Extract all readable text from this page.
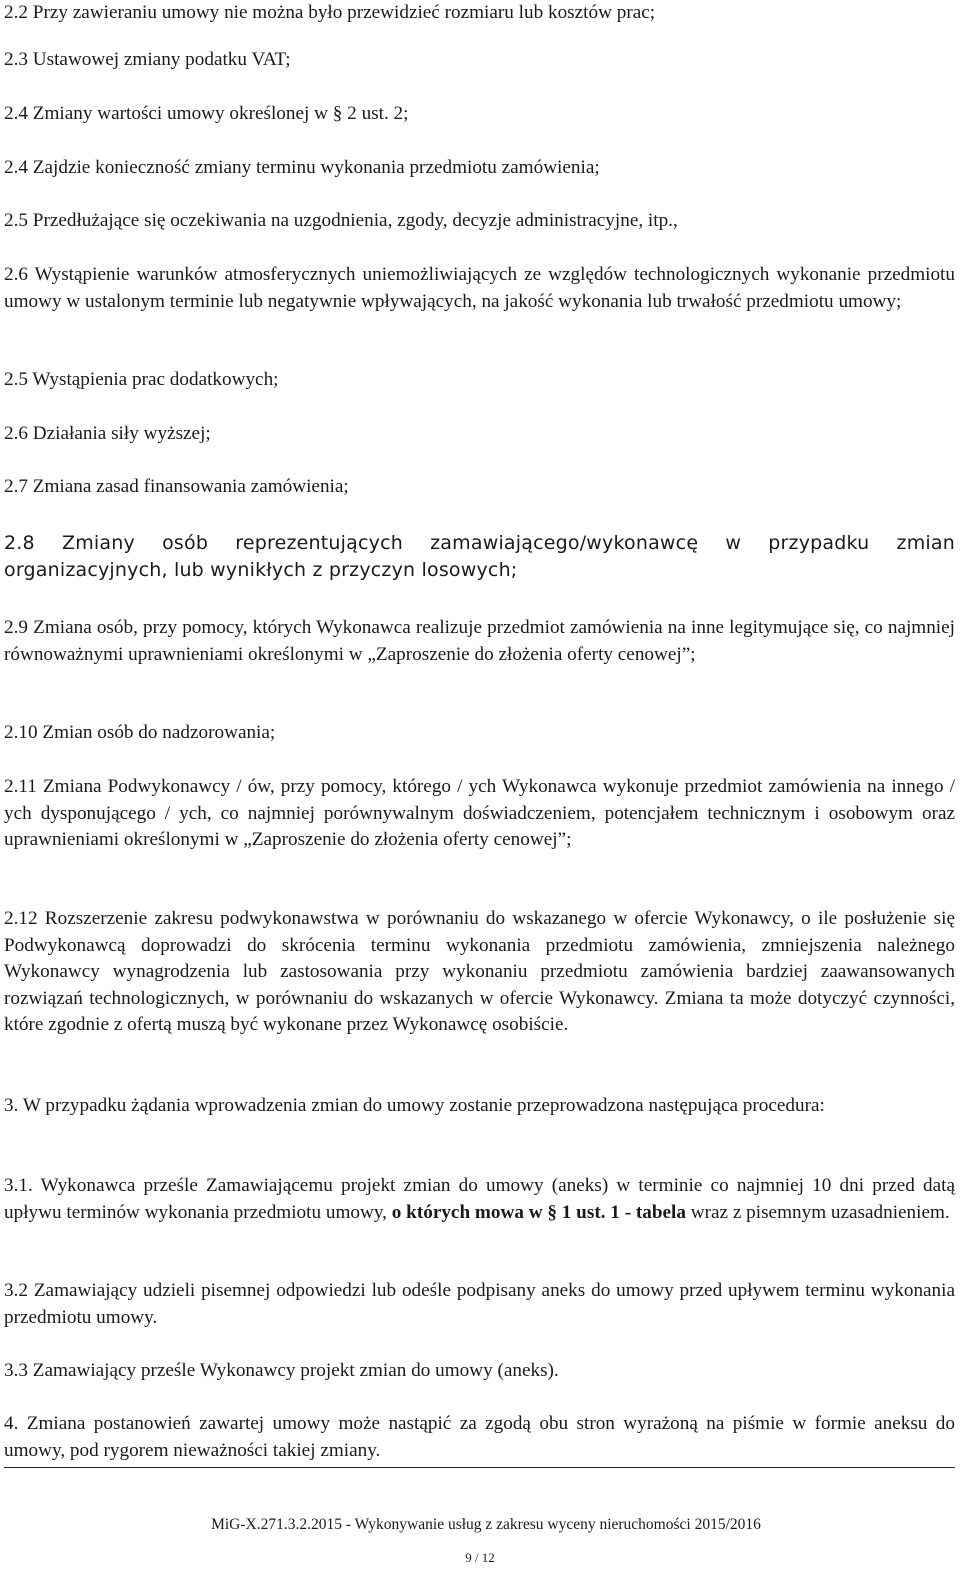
2.2 Przy zawieraniu umowy nie można było przewidzieć rozmiaru lub kosztów prac;

2.3 Ustawowej zmiany podatku VAT;

2.4 Zmiany wartości umowy określonej w § 2 ust. 2;

2.4 Zajdzie konieczność zmiany terminu wykonania przedmiotu zamówienia;

2.5 Przedłużające się oczekiwania na uzgodnienia, zgody, decyzje administracyjne, itp.,

2.6 Wystąpienie warunków atmosferycznych uniemożliwiających ze względów technologicznych wykonanie przedmiotu umowy w ustalonym terminie lub negatywnie wpływających, na jakość wykonania lub trwałość przedmiotu umowy;

2.5 Wystąpienia prac dodatkowych;

2.6 Działania siły wyższej;

2.7 Zmiana zasad finansowania zamówienia;

2.8 Zmiany osób reprezentujących zamawiającego/wykonawcę w przypadku zmian organizacyjnych, lub wynikłych z przyczyn losowych;

2.9 Zmiana osób, przy pomocy, których Wykonawca realizuje przedmiot zamówienia na inne legitymujące się, co najmniej równoważnymi uprawnieniami określonymi w „Zaproszenie do złożenia oferty cenowej”;

2.10 Zmian osób do nadzorowania;

2.11 Zmiana Podwykonawcy / ów, przy pomocy, którego / ych Wykonawca wykonuje przedmiot zamówienia na innego / ych dysponującego / ych, co najmniej porównywalnym doświadczeniem, potencjałem technicznym i osobowym oraz uprawnieniami określonymi w „Zaproszenie do złożenia oferty cenowej”;

2.12 Rozszerzenie zakresu podwykonawstwa w porównaniu do wskazanego w ofercie Wykonawcy, o ile posłużenie się Podwykonawcą doprowadzi do skrócenia terminu wykonania przedmiotu zamówienia, zmniejszenia należnego Wykonawcy wynagrodzenia lub zastosowania przy wykonaniu przedmiotu zamówienia bardziej zaawansowanych rozwiązań technologicznych, w porównaniu do wskazanych w ofercie Wykonawcy. Zmiana ta może dotyczyć czynności, które zgodnie z ofertą muszą być wykonane przez Wykonawcę osobiście.

3. W przypadku żądania wprowadzenia zmian do umowy zostanie przeprowadzona następująca procedura:

3.1. Wykonawca prześle Zamawiającemu projekt zmian do umowy (aneks) w terminie co najmniej 10 dni przed datą upływu terminów wykonania przedmiotu umowy, o których mowa w § 1 ust. 1 - tabela wraz z pisemnym uzasadnieniem.

3.2 Zamawiający udzieli pisemnej odpowiedzi lub odeśle podpisany aneks do umowy przed upływem terminu wykonania przedmiotu umowy.

3.3 Zamawiający prześle Wykonawcy projekt zmian do umowy (aneks).

4. Zmiana postanowień zawartej umowy może nastąpić za zgodą obu stron wyrażoną na piśmie w formie aneksu do umowy, pod rygorem nieważności takiej zmiany.

MiG-X.271.3.2.2015 - Wykonywanie usług z zakresu wyceny nieruchomości 2015/2016
9 / 12
